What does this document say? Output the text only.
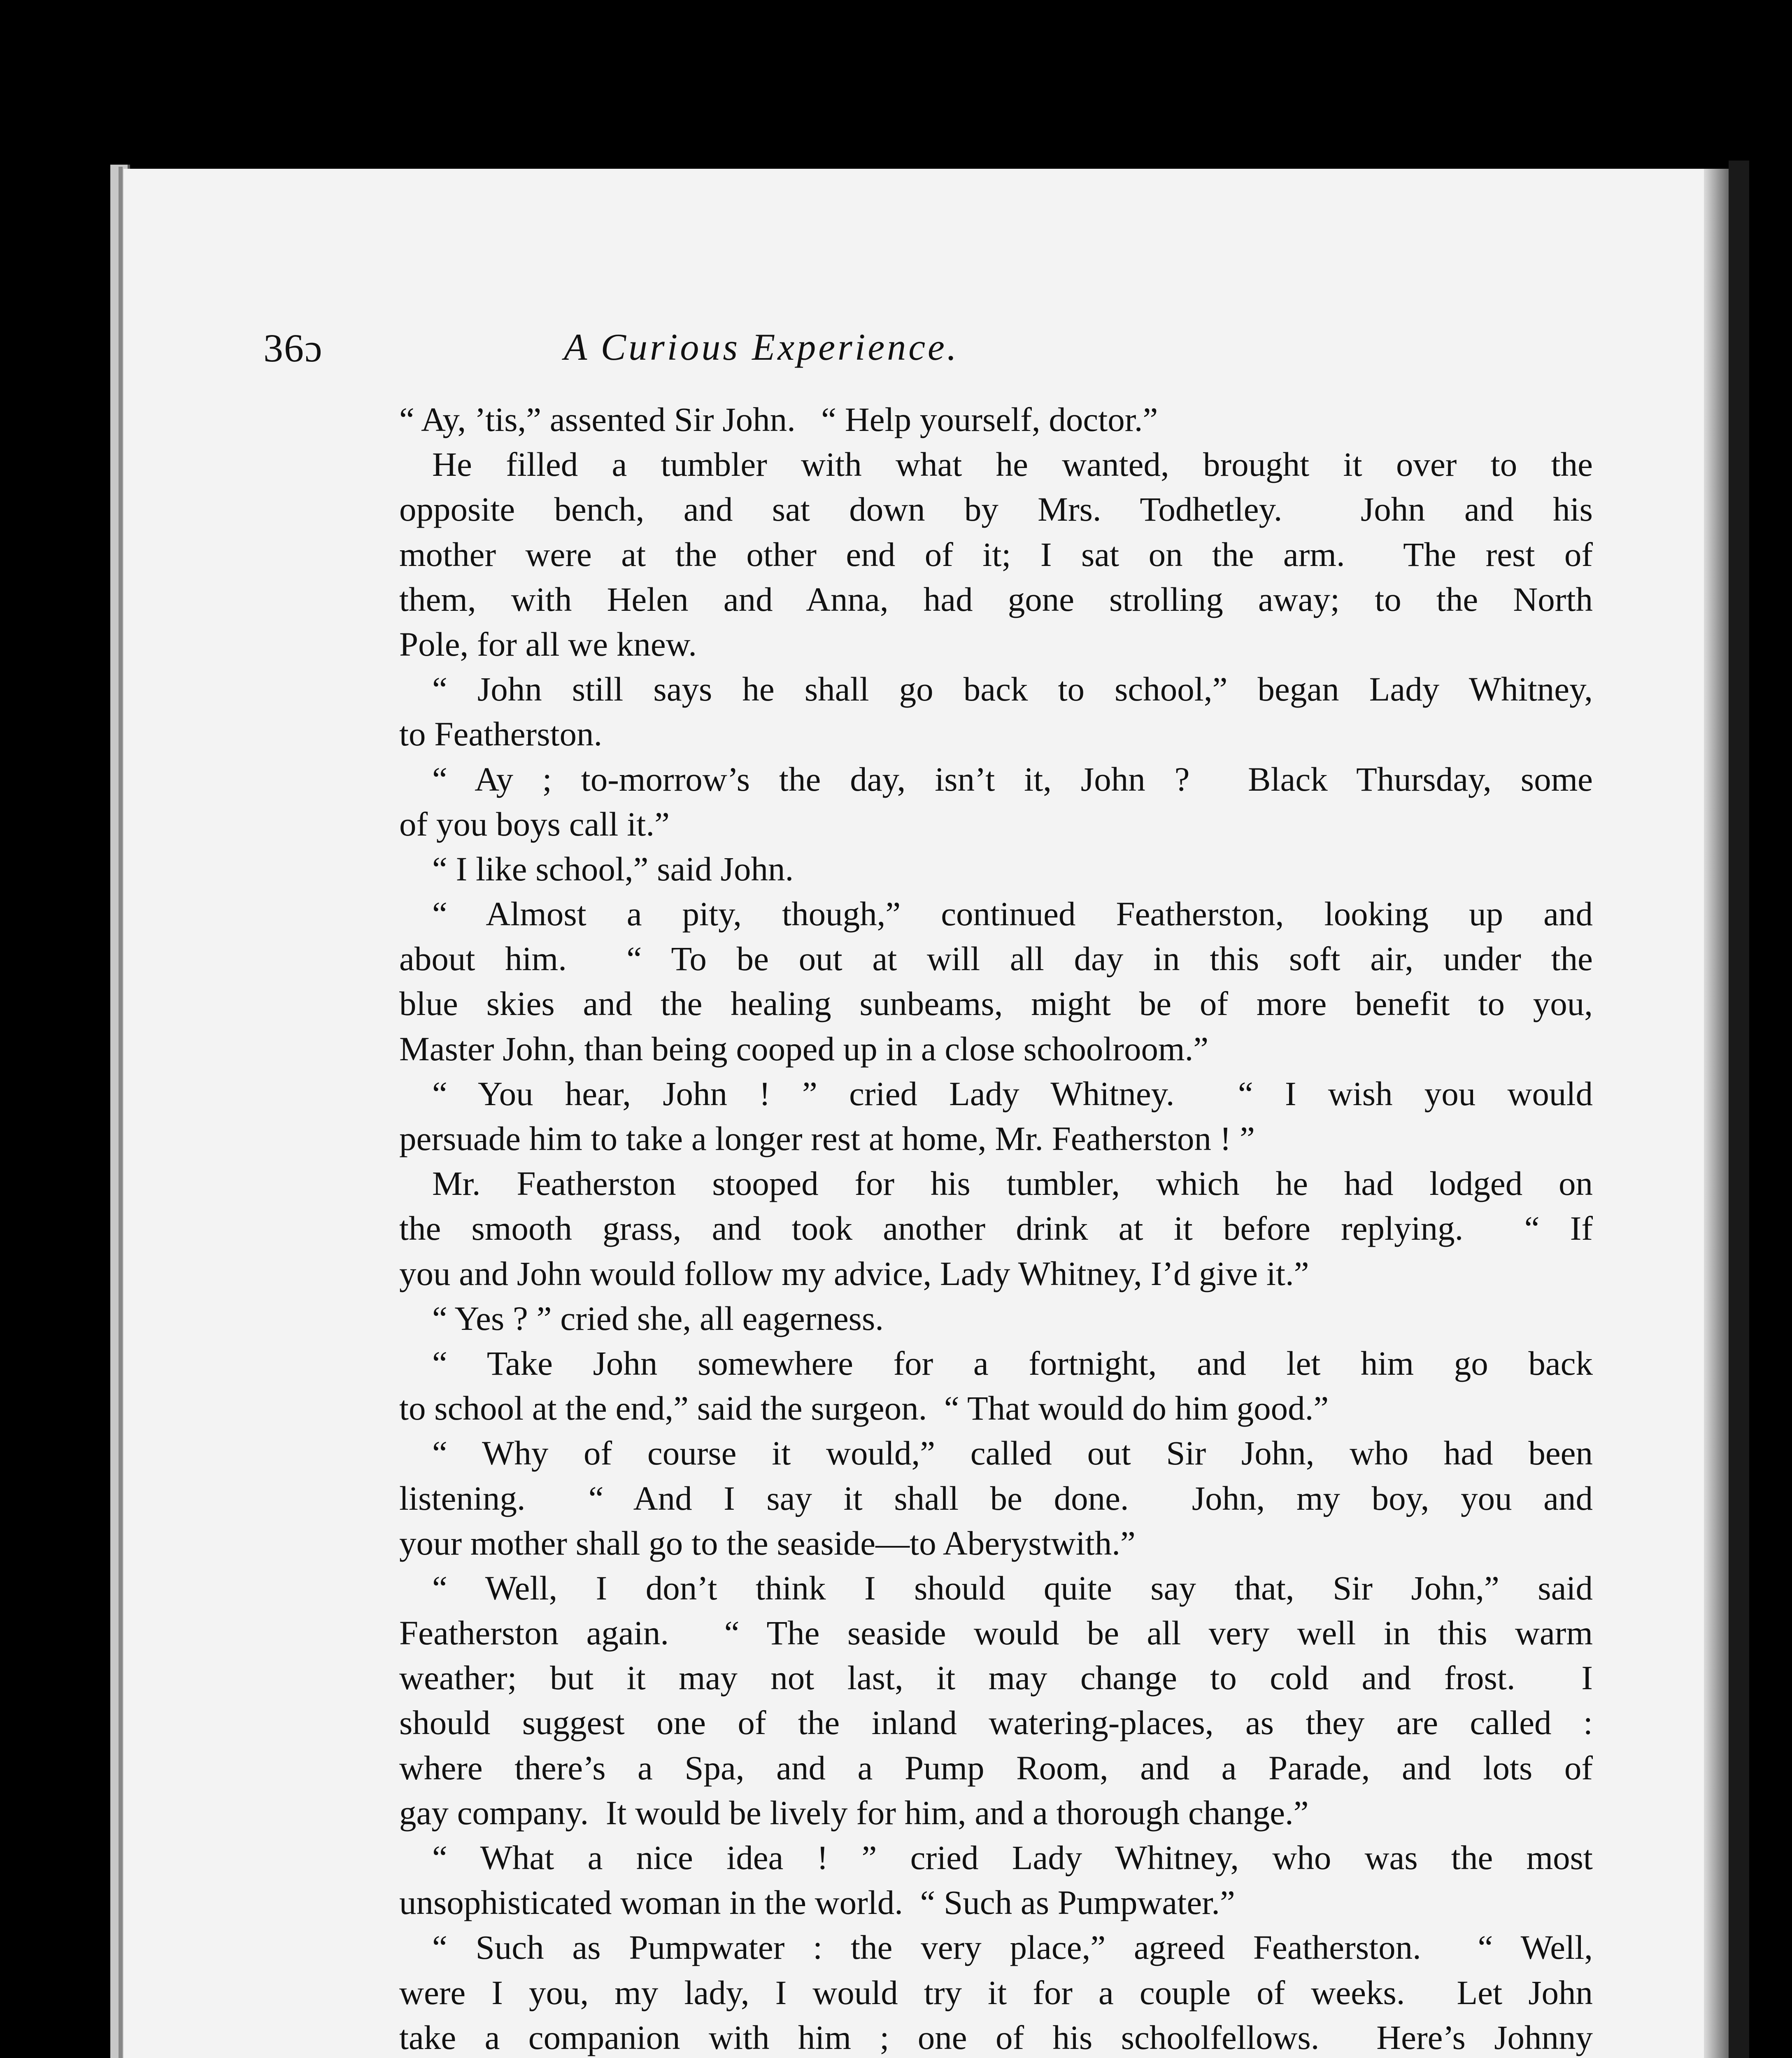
36ɔ	A Curious Experience.
“ Ay, ’tis,” assented Sir John.   “ Help yourself, doctor.”
He filled a tumbler with what he wanted, brought it over to the
opposite bench, and sat down by Mrs. Todhetley.  John and his
mother were at the other end of it; I sat on the arm.  The rest of
them, with Helen and Anna, had gone strolling away; to the North
Pole, for all we knew.
“ John still says he shall go back to school,” began Lady Whitney,
to Featherston.
“ Ay ; to-morrow’s the day, isn’t it, John ?  Black Thursday, some
of you boys call it.”
“ I like school,” said John.
“ Almost a pity, though,” continued Featherston, looking up and
about him.  “ To be out at will all day in this soft air, under the
blue skies and the healing sunbeams, might be of more benefit to you,
Master John, than being cooped up in a close schoolroom.”
“ You hear, John ! ” cried Lady Whitney.  “ I wish you would
persuade him to take a longer rest at home, Mr. Featherston ! ”
Mr. Featherston stooped for his tumbler, which he had lodged on
the smooth grass, and took another drink at it before replying.  “ If
you and John would follow my advice, Lady Whitney, I’d give it.”
“ Yes ? ” cried she, all eagerness.
“ Take John somewhere for a fortnight, and let him go back
to school at the end,” said the surgeon.  “ That would do him good.”
“ Why of course it would,” called out Sir John, who had been
listening.  “ And I say it shall be done.  John, my boy, you and
your mother shall go to the seaside—to Aberystwith.”
“ Well, I don’t think I should quite say that, Sir John,” said
Featherston again.  “ The seaside would be all very well in this warm
weather; but it may not last, it may change to cold and frost.  I
should suggest one of the inland watering-places, as they are called :
where there’s a Spa, and a Pump Room, and a Parade, and lots of
gay company.  It would be lively for him, and a thorough change.”
“ What a nice idea ! ” cried Lady Whitney, who was the most
unsophisticated woman in the world.  “ Such as Pumpwater.”
“ Such as Pumpwater : the very place,” agreed Featherston.  “ Well,
were I you, my lady, I would try it for a couple of weeks.  Let John
take a companion with him ; one of his schoolfellows.  Here’s Johnny
